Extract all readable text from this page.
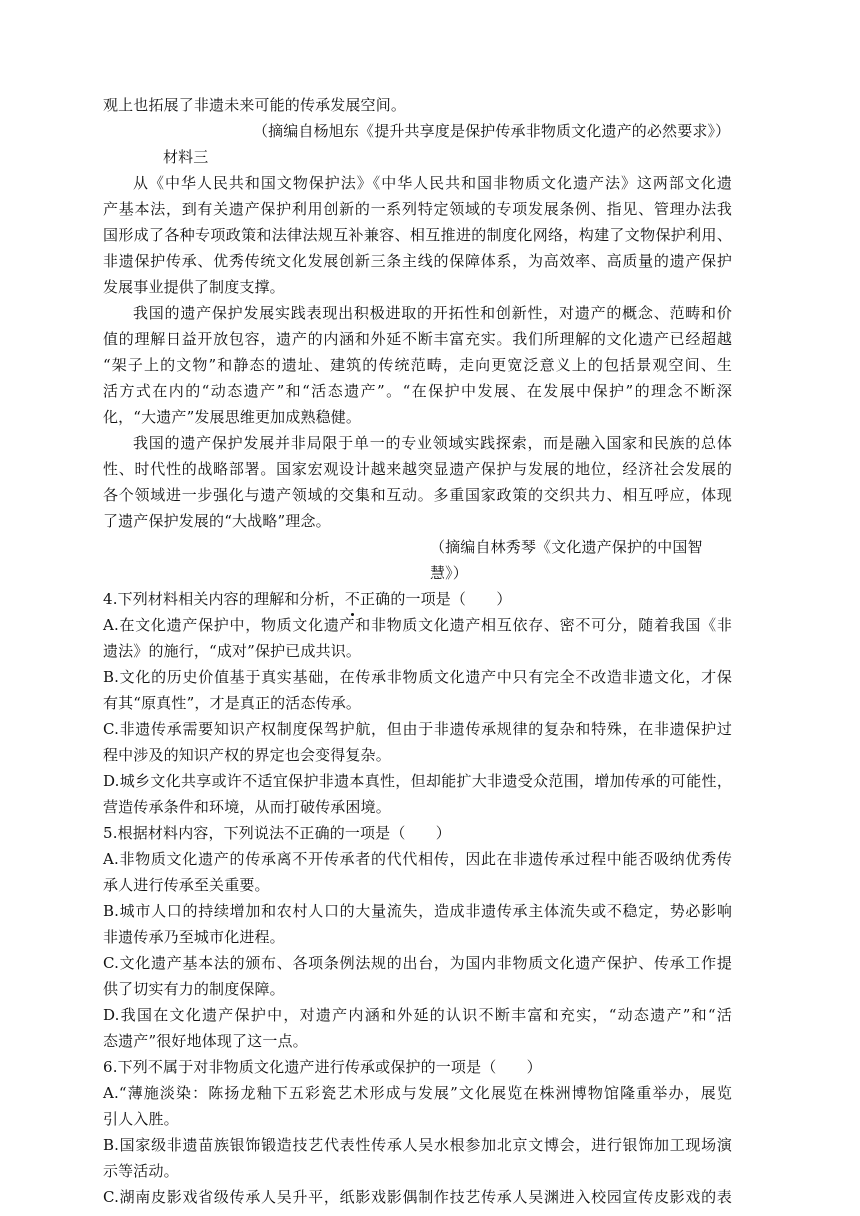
观上也拓展了非遗未来可能的传承发展空间。
（摘编自杨旭东《提升共享度是保护传承非物质文化遗产的必然要求》）
材料三
从《中华人民共和国文物保护法》《中华人民共和国非物质文化遗产法》这两部文化遗
产基本法，到有关遗产保护利用创新的一系列特定领域的专项发展条例、指见、管理办法我
国形成了各种专项政策和法律法规互补兼容、相互推进的制度化网络，构建了文物保护利用、
非遗保护传承、优秀传统文化发展创新三条主线的保障体系，为高效率、高质量的遗产保护
发展事业提供了制度支撑。
我国的遗产保护发展实践表现出积极进取的开拓性和创新性，对遗产的概念、范畴和价
值的理解日益开放包容，遗产的内涵和外延不断丰富充实。我们所理解的文化遗产已经超越
“架子上的文物”和静态的遗址、建筑的传统范畴，走向更宽泛意义上的包括景观空间、生
活方式在内的“动态遗产”和“活态遗产”。“在保护中发展、在发展中保护”的理念不断深
化，“大遗产”发展思维更加成熟稳健。
我国的遗产保护发展并非局限于单一的专业领域实践探索，而是融入国家和民族的总体
性、时代性的战略部署。国家宏观设计越来越突显遗产保护与发展的地位，经济社会发展的
各个领域进一步强化与遗产领域的交集和互动。多重国家政策的交织共力、相互呼应，体现
了遗产保护发展的“大战略”理念。
（摘编自林秀琴《文化遗产保护的中国智慧》）
4.下列材料相关内容的理解和分析，不正确的一项是（　　）
A.在文化遗产保护中，物质文化遗产和非物质文化遗产相互依存、密不可分，随着我国《非
遗法》的施行，“成对”保护已成共识。
B.文化的历史价值基于真实基础，在传承非物质文化遗产中只有完全不改造非遗文化，才保
有其“原真性”，才是真正的活态传承。
C.非遗传承需要知识产权制度保驾护航，但由于非遗传承规律的复杂和特殊，在非遗保护过
程中涉及的知识产权的界定也会变得复杂。
D.城乡文化共享或许不适宜保护非遗本真性，但却能扩大非遗受众范围，增加传承的可能性，
营造传承条件和环境，从而打破传承困境。
5.根据材料内容，下列说法不正确的一项是（　　）
A.非物质文化遗产的传承离不开传承者的代代相传，因此在非遗传承过程中能否吸纳优秀传
承人进行传承至关重要。
B.城市人口的持续增加和农村人口的大量流失，造成非遗传承主体流失或不稳定，势必影响
非遗传承乃至城市化进程。
C.文化遗产基本法的颁布、各项条例法规的出台，为国内非物质文化遗产保护、传承工作提
供了切实有力的制度保障。
D.我国在文化遗产保护中，对遗产内涵和外延的认识不断丰富和充实，“动态遗产”和“活
态遗产”很好地体现了这一点。
6.下列不属于对非物质文化遗产进行传承或保护的一项是（　　）
A.“薄施淡染：陈扬龙釉下五彩瓷艺术形成与发展”文化展览在株洲博物馆隆重举办，展览
引人入胜。
B.国家级非遗苗族银饰锻造技艺代表性传承人吴水根参加北京文博会，进行银饰加工现场演
示等活动。
C.湖南皮影戏省级传承人吴升平，纸影戏影偶制作技艺传承人吴渊进入校园宣传皮影戏的表
